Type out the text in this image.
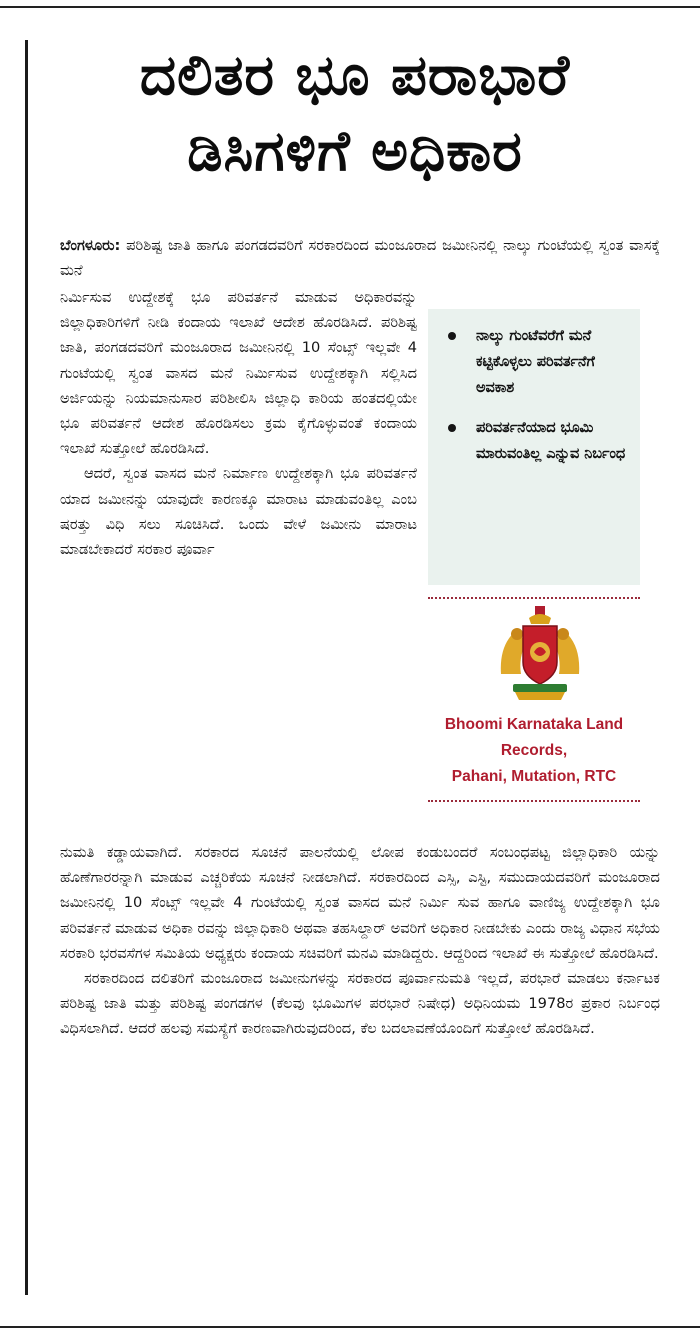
ದಲಿತರ ಭೂ ಪರಾಭಾರೆ
ಡಿಸಿಗಳಿಗೆ ಅಧಿಕಾರ

ಬೆಂಗಳೂರು: ಪರಿಶಿಷ್ಟ ಜಾತಿ ಹಾಗೂ ಪಂಗಡದವರಿಗೆ ಸರಕಾರದಿಂದ ಮಂಜೂರಾದ ಜಮೀನಿನಲ್ಲಿ ನಾಲ್ಕು ಗುಂಟೆಯಲ್ಲಿ ಸ್ವಂತ ವಾಸಕ್ಕೆ ಮನೆ

ನಿರ್ಮಿಸುವ ಉದ್ದೇಶಕ್ಕೆ ಭೂ ಪರಿವರ್ತನೆ ಮಾಡುವ ಅಧಿಕಾರವನ್ನು ಜಿಲ್ಲಾಧಿಕಾರಿಗಳಿಗೆ ನೀಡಿ ಕಂದಾಯ ಇಲಾಖೆ ಆದೇಶ ಹೊರಡಿಸಿದೆ. ಪರಿಶಿಷ್ಟ ಜಾತಿ, ಪಂಗಡದವರಿಗೆ ಮಂಜೂರಾದ ಜಮೀನಿನಲ್ಲಿ 10 ಸೆಂಟ್ಸ್ ಇಲ್ಲವೇ 4 ಗುಂಟೆಯಲ್ಲಿ ಸ್ವಂತ ವಾಸದ ಮನೆ ನಿರ್ಮಿಸುವ ಉದ್ದೇಶಕ್ಕಾಗಿ ಸಲ್ಲಿಸಿದ ಅರ್ಜಿಯನ್ನು ನಿಯಮಾನುಸಾರ ಪರಿಶೀಲಿಸಿ ಜಿಲ್ಲಾಧಿ ಕಾರಿಯ ಹಂತದಲ್ಲಿಯೇ ಭೂ ಪರಿವರ್ತನೆ ಆದೇಶ ಹೊರಡಿಸಲು ಕ್ರಮ ಕೈಗೊಳ್ಳುವಂತೆ ಕಂದಾಯ ಇಲಾಖೆ ಸುತ್ತೋಲೆ ಹೊರಡಿಸಿದೆ.

ಆದರೆ, ಸ್ವಂತ ವಾಸದ ಮನೆ ನಿರ್ಮಾಣ ಉದ್ದೇಶಕ್ಕಾಗಿ ಭೂ ಪರಿವರ್ತನೆ ಯಾದ ಜಮೀನನ್ನು ಯಾವುದೇ ಕಾರಣಕ್ಕೂ ಮಾರಾಟ ಮಾಡುವಂತಿಲ್ಲ ಎಂಬ ಷರತ್ತು ವಿಧಿ ಸಲು ಸೂಚಿಸಿದೆ. ಒಂದು ವೇಳೆ ಜಮೀನು ಮಾರಾಟ ಮಾಡಬೇಕಾದರೆ ಸರಕಾರ ಪೂರ್ವಾ

ನಾಲ್ಕು ಗುಂಟೆವರೆಗೆ ಮನೆ ಕಟ್ಟಿಕೊಳ್ಳಲು ಪರಿವರ್ತನೆಗೆ ಅವಕಾಶ
ಪರಿವರ್ತನೆಯಾದ ಭೂಮಿ ಮಾರುವಂತಿಲ್ಲ ಎನ್ನುವ ನಿರ್ಬಂಧ
Bhoomi Karnataka Land
Records,
Pahani, Mutation, RTC

ನುಮತಿ ಕಡ್ಡಾಯವಾಗಿದೆ. ಸರಕಾರದ ಸೂಚನೆ ಪಾಲನೆಯಲ್ಲಿ ಲೋಪ ಕಂಡುಬಂದರೆ ಸಂಬಂಧಪಟ್ಟ ಜಿಲ್ಲಾಧಿಕಾರಿ ಯನ್ನು ಹೊಣೆಗಾರರನ್ನಾಗಿ ಮಾಡುವ ಎಚ್ಚರಿಕೆಯ ಸೂಚನೆ ನೀಡಲಾಗಿದೆ. ಸರಕಾರದಿಂದ ಎಸ್ಸಿ, ಎಸ್ಟಿ, ಸಮುದಾಯದವರಿಗೆ ಮಂಜೂರಾದ ಜಮೀನಿನಲ್ಲಿ 10 ಸೆಂಟ್ಸ್ ಇಲ್ಲವೇ 4 ಗುಂಟೆಯಲ್ಲಿ ಸ್ವಂತ ವಾಸದ ಮನೆ ನಿರ್ಮಿ ಸುವ ಹಾಗೂ ವಾಣಿಜ್ಯ ಉದ್ದೇಶಕ್ಕಾಗಿ ಭೂ ಪರಿವರ್ತನೆ ಮಾಡುವ ಅಧಿಕಾ ರವನ್ನು ಜಿಲ್ಲಾಧಿಕಾರಿ ಅಥವಾ ತಹಸಿಲ್ದಾರ್ ಅವರಿಗೆ ಅಧಿಕಾರ ನೀಡಬೇಕು ಎಂದು ರಾಜ್ಯ ವಿಧಾನ ಸಭೆಯ ಸರಕಾರಿ ಭರವಸೆಗಳ ಸಮಿತಿಯ ಅಧ್ಯಕ್ಷರು ಕಂದಾಯ ಸಚಿವರಿಗೆ ಮನವಿ ಮಾಡಿದ್ದರು. ಆದ್ದರಿಂದ ಇಲಾಖೆ ಈ ಸುತ್ತೋಲೆ ಹೊರಡಿಸಿದೆ.

ಸರಕಾರದಿಂದ ದಲಿತರಿಗೆ ಮಂಜೂರಾದ ಜಮೀನುಗಳನ್ನು ಸರಕಾರದ ಪೂರ್ವಾನುಮತಿ ಇಲ್ಲದೆ, ಪರಭಾರೆ ಮಾಡಲು ಕರ್ನಾಟಕ ಪರಿಶಿಷ್ಟ ಜಾತಿ ಮತ್ತು ಪರಿಶಿಷ್ಟ ಪಂಗಡಗಳ (ಕೆಲವು ಭೂಮಿಗಳ ಪರಭಾರೆ ನಿಷೇಧ) ಅಧಿನಿಯಮ 1978ರ ಪ್ರಕಾರ ನಿರ್ಬಂಧ ವಿಧಿಸಲಾಗಿದೆ. ಆದರೆ ಹಲವು ಸಮಸ್ಯೆಗೆ ಕಾರಣವಾಗಿರುವುದರಿಂದ, ಕೆಲ ಬದಲಾವಣೆಯೊಂದಿಗೆ ಸುತ್ತೋಲೆ ಹೊರಡಿಸಿದೆ.
